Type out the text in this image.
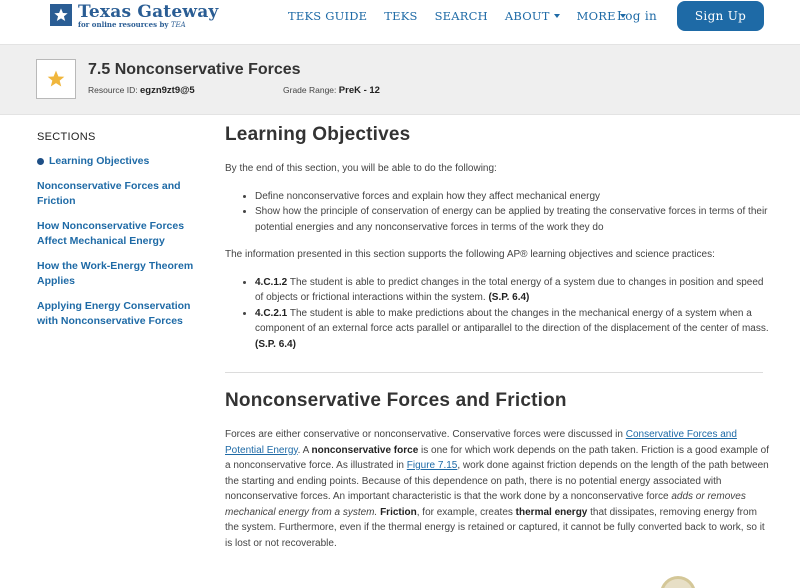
Texas Gateway
for online resources by TEA
TEKS GUIDE TEKS SEARCH ABOUT MORE Log in	Sign Up
7.5 Nonconservative Forces
Resource ID: egzn9zt9@5	Grade Range: PreK - 12
SECTIONS
Learning Objectives
Nonconservative Forces and Friction
How Nonconservative Forces Affect Mechanical Energy
How the Work-Energy Theorem Applies
Applying Energy Conservation with Nonconservative Forces
Learning Objectives

By the end of this section, you will be able to do the following:

• Define nonconservative forces and explain how they affect mechanical energy
• Show how the principle of conservation of energy can be applied by treating the conservative forces in terms of their potential energies and any nonconservative forces in terms of the work they do

The information presented in this section supports the following AP® learning objectives and science practices:

• 4.C.1.2 The student is able to predict changes in the total energy of a system due to changes in position and speed of objects or frictional interactions within the system. (S.P. 6.4)
• 4.C.2.1 The student is able to make predictions about the changes in the mechanical energy of a system when a component of an external force acts parallel or antiparallel to the direction of the displacement of the center of mass. (S.P. 6.4)
Nonconservative Forces and Friction

Forces are either conservative or nonconservative. Conservative forces were discussed in Conservative Forces and Potential Energy. A nonconservative force is one for which work depends on the path taken. Friction is a good example of a nonconservative force. As illustrated in Figure 7.15, work done against friction depends on the length of the path between the starting and ending points. Because of this dependence on path, there is no potential energy associated with nonconservative forces. An important characteristic is that the work done by a nonconservative force adds or removes mechanical energy from a system. Friction, for example, creates thermal energy that dissipates, removing energy from the system. Furthermore, even if the thermal energy is retained or captured, it cannot be fully converted back to work, so it is lost or not recoverable.
